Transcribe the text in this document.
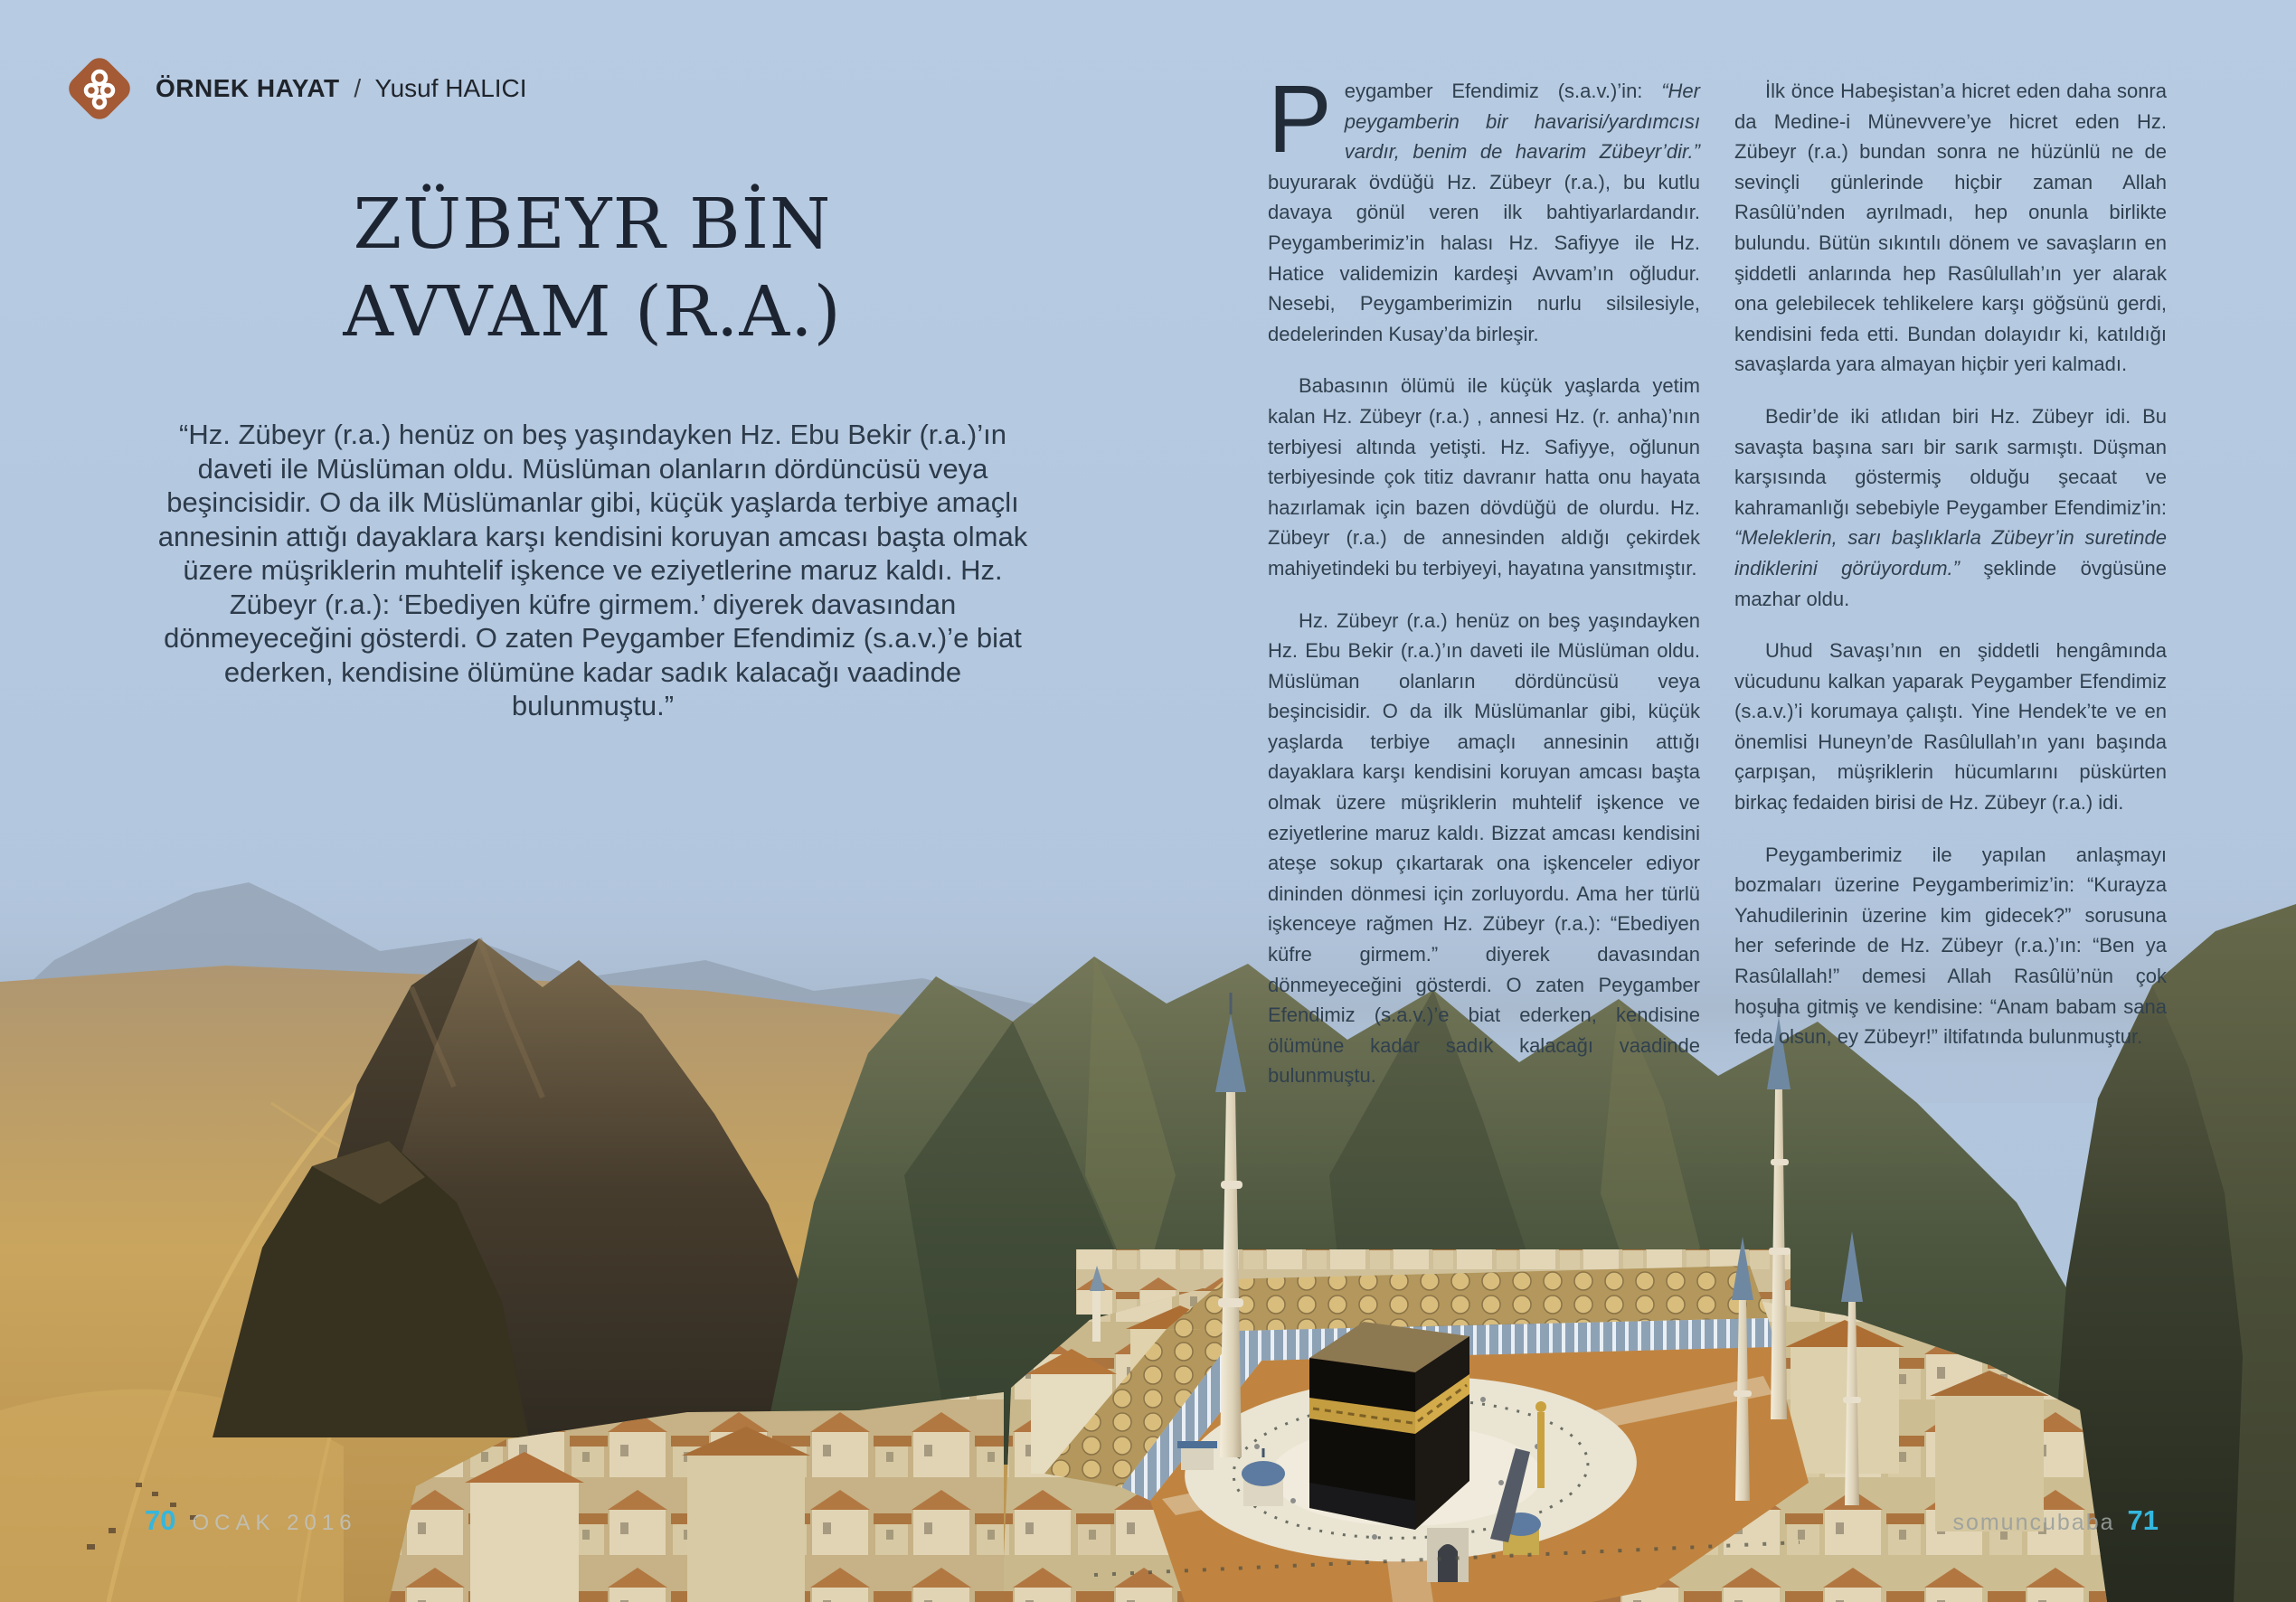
ÖRNEK HAYAT / Yusuf HALICI
ZÜBEYR BİN
AVVAM (R.A.)
“Hz. Zübeyr (r.a.) henüz on beş yaşındayken Hz. Ebu Bekir (r.a.)’ın daveti ile Müslüman oldu. Müslüman olanların dördüncüsü veya beşincisidir. O da ilk Müslümanlar gibi, küçük yaşlarda terbiye amaçlı annesinin attığı dayaklara karşı kendisini koruyan amcası başta olmak üzere müşriklerin muhtelif işkence ve eziyetlerine maruz kaldı. Hz. Zübeyr (r.a.): ‘Ebediyen küfre girmem.’ diyerek davasından dönmeyeceğini gösterdi. O zaten Peygamber Efendimiz (s.a.v.)’e biat ederken, kendisine ölümüne kadar sadık kalacağı vaadinde bulunmuştu.”

Peygamber Efendimiz (s.a.v.)’in: “Her peygamberin bir havarisi/yardımcısı vardır, benim de havarim Zübeyr’dir.” buyurarak övdüğü Hz. Zübeyr (r.a.), bu kutlu davaya gönül veren ilk bahtiyarlardandır. Peygamberimiz’in halası Hz. Safiyye ile Hz. Hatice validemizin kardeşi Avvam’ın oğludur. Nesebi, Peygamberimizin nurlu silsilesiyle, dedelerinden Kusay’da birleşir.

Babasının ölümü ile küçük yaşlarda yetim kalan Hz. Zübeyr (r.a.) , annesi Hz. (r. anha)’nın terbiyesi altında yetişti. Hz. Safiyye, oğlunun terbiyesinde çok titiz davranır hatta onu hayata hazırlamak için bazen dövdüğü de olurdu. Hz. Zübeyr (r.a.) de annesinden aldığı çekirdek mahiyetindeki bu terbiyeyi, hayatına yansıtmıştır.

Hz. Zübeyr (r.a.) henüz on beş yaşındayken Hz. Ebu Bekir (r.a.)’ın daveti ile Müslüman oldu. Müslüman olanların dördüncüsü veya beşincisidir. O da ilk Müslümanlar gibi, küçük yaşlarda terbiye amaçlı annesinin attığı dayaklara karşı kendisini koruyan amcası başta olmak üzere müşriklerin muhtelif işkence ve eziyetlerine maruz kaldı. Bizzat amcası kendisini ateşe sokup çıkartarak ona işkenceler ediyor dininden dönmesi için zorluyordu. Ama her türlü işkenceye rağmen Hz. Zübeyr (r.a.): “Ebediyen küfre girmem.” diyerek davasından dönmeyeceğini gösterdi. O zaten Peygamber Efendimiz (s.a.v.)’e biat ederken, kendisine ölümüne kadar sadık kalacağı vaadinde bulunmuştu.

İlk önce Habeşistan’a hicret eden daha sonra da Medine-i Münevvere’ye hicret eden Hz. Zübeyr (r.a.) bundan sonra ne hüzünlü ne de sevinçli günlerinde hiçbir zaman Allah Rasûlü’nden ayrılmadı, hep onunla birlikte bulundu. Bütün sıkıntılı dönem ve savaşların en şiddetli anlarında hep Rasûlullah’ın yer alarak ona gelebilecek tehlikelere karşı göğsünü gerdi, kendisini feda etti. Bundan dolayıdır ki, katıldığı savaşlarda yara almayan hiçbir yeri kalmadı.

Bedir’de iki atlıdan biri Hz. Zübeyr idi. Bu savaşta başına sarı bir sarık sarmıştı. Düşman karşısında göstermiş olduğu şecaat ve kahramanlığı sebebiyle Peygamber Efendimiz’in: “Meleklerin, sarı başlıklarla Zübeyr’in suretinde indiklerini görüyordum.” şeklinde övgüsüne mazhar oldu.

Uhud Savaşı’nın en şiddetli hengâmında vücudunu kalkan yaparak Peygamber Efendimiz (s.a.v.)’i korumaya çalıştı. Yine Hendek’te ve en önemlisi Huneyn’de Rasûlullah’ın yanı başında çarpışan, müşriklerin hücumlarını püskürten birkaç fedaiden birisi de Hz. Zübeyr (r.a.) idi.

Peygamberimiz ile yapılan anlaşmayı bozmaları üzerine Peygamberimiz’in: “Kurayza Yahudilerinin üzerine kim gidecek?” sorusuna her seferinde de Hz. Zübeyr (r.a.)’ın: “Ben ya Rasûlallah!” demesi Allah Rasûlü’nün çok hoşuna gitmiş ve kendisine: “Anam babam sana feda olsun, ey Zübeyr!” iltifatında bulunmuştur.

70 OCAK 2016	somuncubaba 71
